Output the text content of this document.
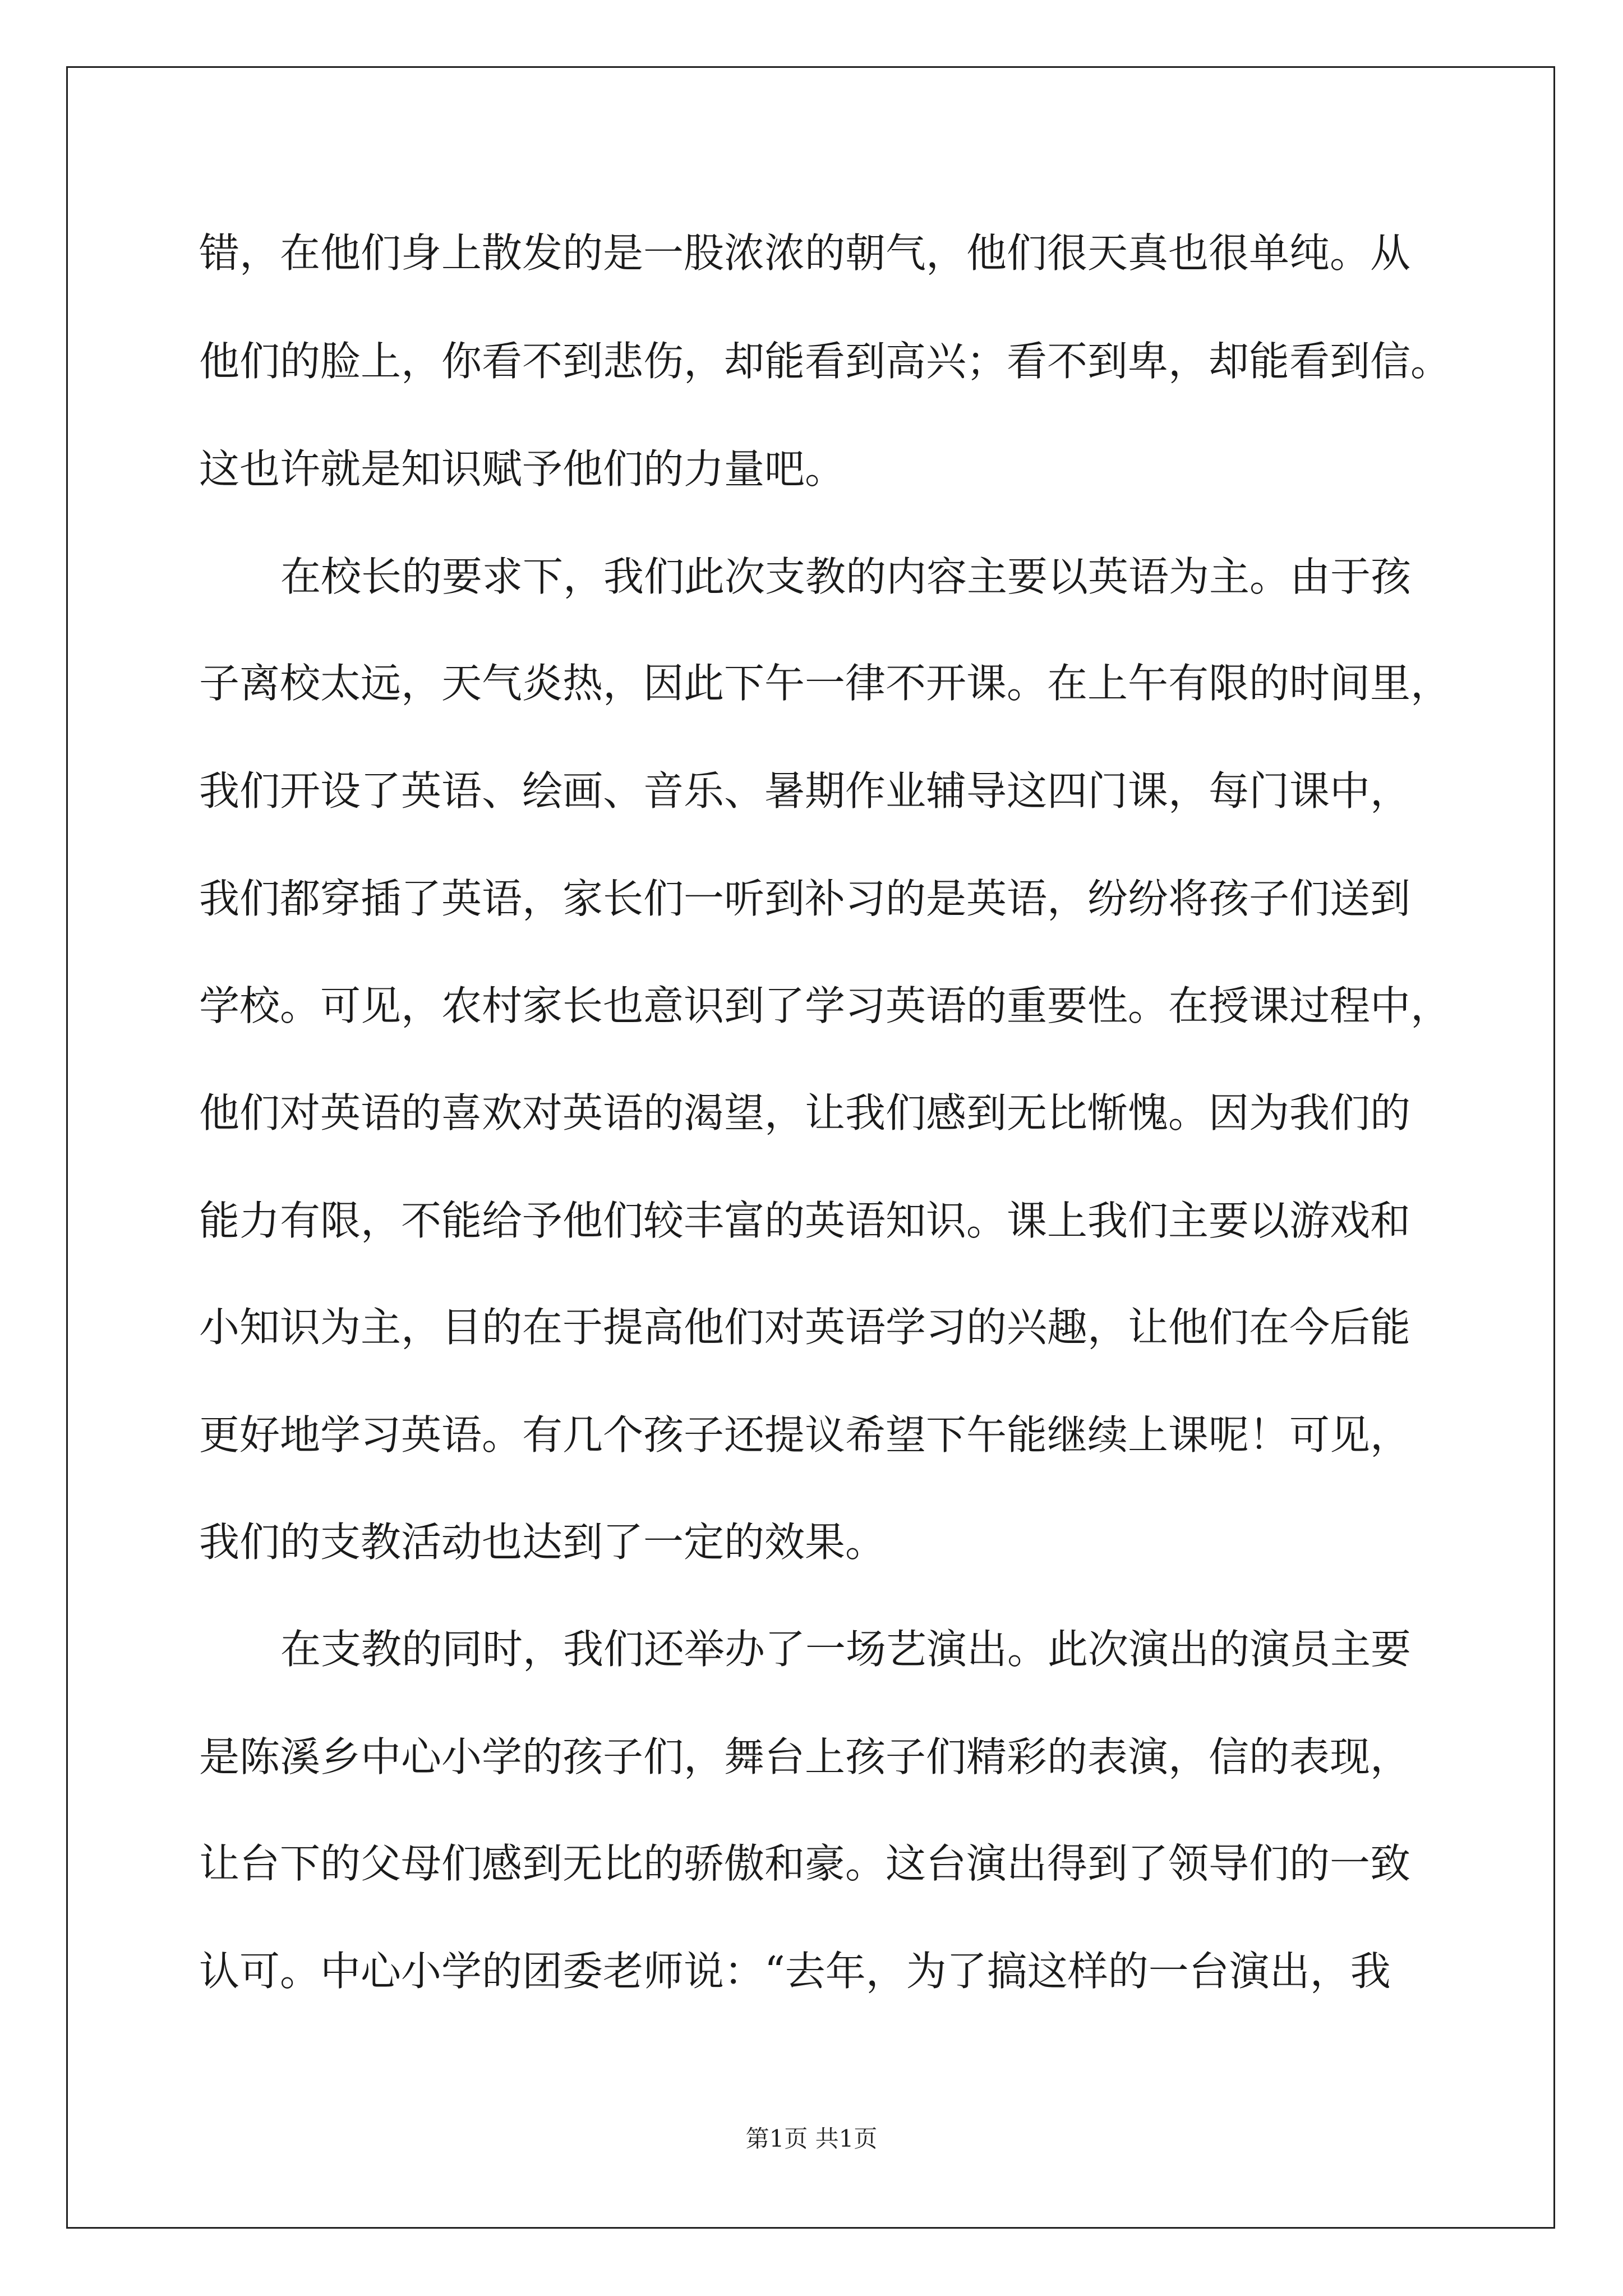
错，在他们身上散发的是一股浓浓的朝气，他们很天真也很单纯。从

他们的脸上，你看不到悲伤，却能看到高兴；看不到卑，却能看到信。

这也许就是知识赋予他们的力量吧。

在校长的要求下，我们此次支教的内容主要以英语为主。由于孩

子离校太远，天气炎热，因此下午一律不开课。在上午有限的时间里，

我们开设了英语、绘画、音乐、暑期作业辅导这四门课，每门课中，

我们都穿插了英语，家长们一听到补习的是英语，纷纷将孩子们送到

学校。可见，农村家长也意识到了学习英语的重要性。在授课过程中，

他们对英语的喜欢对英语的渴望，让我们感到无比惭愧。因为我们的

能力有限，不能给予他们较丰富的英语知识。课上我们主要以游戏和

小知识为主，目的在于提高他们对英语学习的兴趣，让他们在今后能

更好地学习英语。有几个孩子还提议希望下午能继续上课呢！可见，

我们的支教活动也达到了一定的效果。

在支教的同时，我们还举办了一场艺演出。此次演出的演员主要

是陈溪乡中心小学的孩子们，舞台上孩子们精彩的表演，信的表现，

让台下的父母们感到无比的骄傲和豪。这台演出得到了领导们的一致

认可。中心小学的团委老师说：“去年，为了搞这样的一台演出，我

第1页 共1页
